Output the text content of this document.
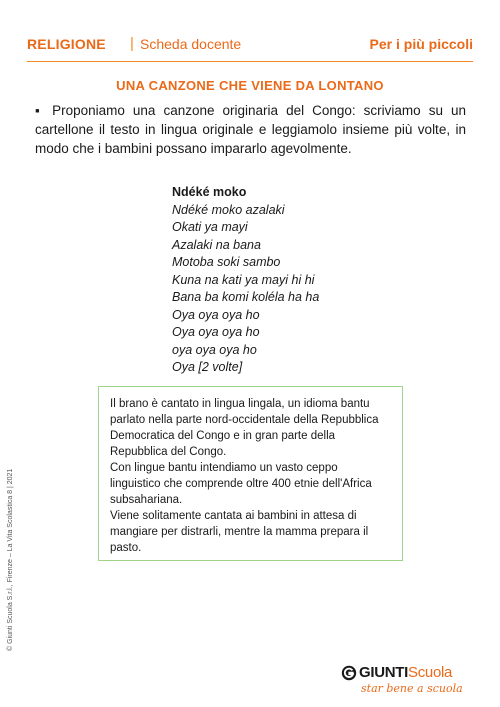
RELIGIONE | Scheda docente	Per i più piccoli
UNA CANZONE CHE VIENE DA LONTANO

▪ Proponiamo una canzone originaria del Congo: scriviamo su un cartellone il testo in lingua originale e leggiamolo insieme più volte, in modo che i bambini possano impararlo agevolmente.

Ndéké moko
Ndéké moko azalaki
Okati ya mayi
Azalaki na bana
Motoba soki sambo
Kuna na kati ya mayi hi hi
Bana ba komi koléla ha ha
Oya oya oya ho
Oya oya oya ho
oya oya oya ho
Oya [2 volte]

Il brano è cantato in lingua lingala, un idioma bantu parlato nella parte nord-occidentale della Repubblica Democratica del Congo e in gran parte della Repubblica del Congo.

Con lingue bantu intendiamo un vasto ceppo linguistico che comprende oltre 400 etnie dell'Africa subsahariana.

Viene solitamente cantata ai bambini in attesa di mangiare per distrarli, mentre la mamma prepara il pasto.

© Giunti Scuola S.r.l., Firenze – La Vita Scolastica 8 | 2021
GIUNTIScuola
star bene a scuola
